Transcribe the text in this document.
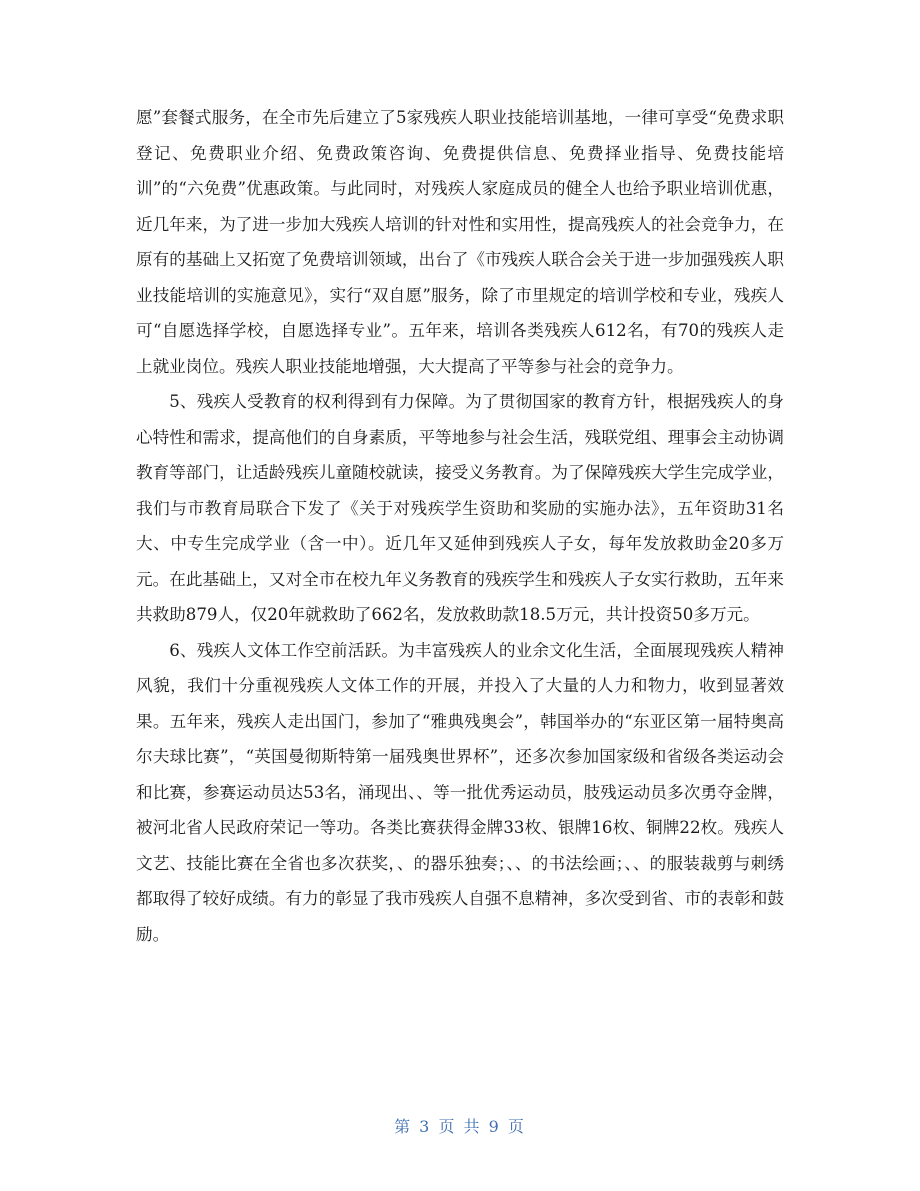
愿”套餐式服务，在全市先后建立了5家残疾人职业技能培训基地，一律可享受“免费求职登记、免费职业介绍、免费政策咨询、免费提供信息、免费择业指导、免费技能培训”的“六免费”优惠政策。与此同时，对残疾人家庭成员的健全人也给予职业培训优惠，近几年来，为了进一步加大残疾人培训的针对性和实用性，提高残疾人的社会竞争力，在原有的基础上又拓宽了免费培训领域，出台了《市残疾人联合会关于进一步加强残疾人职业技能培训的实施意见》，实行“双自愿”服务，除了市里规定的培训学校和专业，残疾人可“自愿选择学校，自愿选择专业”。五年来，培训各类残疾人612名，有70的残疾人走上就业岗位。残疾人职业技能地增强，大大提高了平等参与社会的竞争力。

5、残疾人受教育的权利得到有力保障。为了贯彻国家的教育方针，根据残疾人的身心特性和需求，提高他们的自身素质，平等地参与社会生活，残联党组、理事会主动协调教育等部门，让适龄残疾儿童随校就读，接受义务教育。为了保障残疾大学生完成学业，我们与市教育局联合下发了《关于对残疾学生资助和奖励的实施办法》，五年资助31名大、中专生完成学业（含一中）。近几年又延伸到残疾人子女，每年发放救助金20多万元。在此基础上，又对全市在校九年义务教育的残疾学生和残疾人子女实行救助，五年来共救助879人，仅20年就救助了662名，发放救助款18.5万元，共计投资50多万元。

6、残疾人文体工作空前活跃。为丰富残疾人的业余文化生活，全面展现残疾人精神风貌，我们十分重视残疾人文体工作的开展，并投入了大量的人力和物力，收到显著效果。五年来，残疾人走出国门，参加了“雅典残奥会”，韩国举办的“东亚区第一届特奥高尔夫球比赛”，“英国曼彻斯特第一届残奥世界杯”，还多次参加国家级和省级各类运动会和比赛，参赛运动员达53名，涌现出、、等一批优秀运动员，肢残运动员多次勇夺金牌，被河北省人民政府荣记一等功。各类比赛获得金牌33枚、银牌16枚、铜牌22枚。残疾人文艺、技能比赛在全省也多次获奖，、的器乐独奏；、、的书法绘画；、、的服装裁剪与刺绣都取得了较好成绩。有力的彰显了我市残疾人自强不息精神，多次受到省、市的表彰和鼓励。

第 3 页 共 9 页
